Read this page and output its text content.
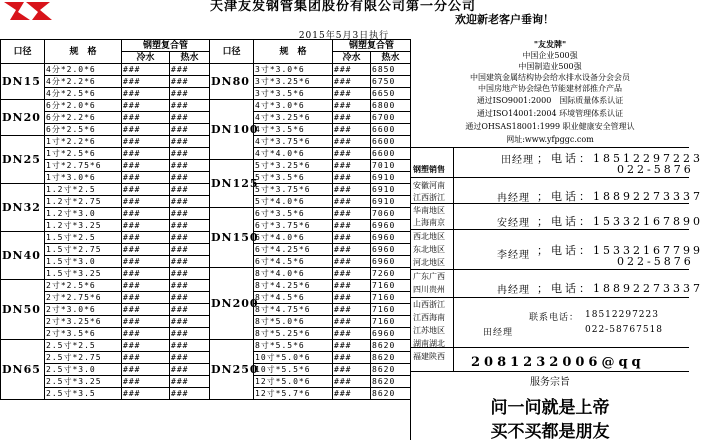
天津友发钢管集团股份有限公司第一分公司
欢迎新老客户垂询！
2015年5月3日执行
口径	规　格	钢塑复合管		口径	规　格	钢塑复合管		
		冷水	热水			冷水	热水	
DN15	4分*2.0*6	###	###	DN80	3寸*3.0*6	###	6850	
	4分*2.2*6	###	###		3寸*3.25*6	###	6750	
	4分*2.5*6	###	###		3寸*3.5*6	###	6650	
DN20	6分*2.0*6	###	###	DN100	4寸*3.0*6	###	6800	
	6分*2.2*6	###	###		4寸*3.25*6	###	6700	
	6分*2.5*6	###	###		4寸*3.5*6	###	6600	
DN25	1寸*2.2*6	###	###		4寸*3.75*6	###	6600	
	1寸*2.5*6	###	###		4寸*4.0*6	###	6600	
	1寸*2.75*6	###	###	DN125	5寸*3.25*6	###	7010	
	1寸*3.0*6	###	###		5寸*3.5*6	###	6910	
DN32	1.2寸*2.5	###	###		5寸*3.75*6	###	6910	
	1.2寸*2.75	###	###		5寸*4.0*6	###	6910	
	1.2寸*3.0	###	###	DN150	6寸*3.5*6	###	7060	
	1.2寸*3.25	###	###		6寸*3.75*6	###	6960	
DN40	1.5寸*2.5	###	###		6寸*4.0*6	###	6960	
	1.5寸*2.75	###	###		6寸*4.25*6	###	6960	
	1.5寸*3.0	###	###		6寸*4.5*6	###	6960	
	1.5寸*3.25	###	###	DN200	8寸*4.0*6	###	7260	
DN50	2寸*2.5*6	###	###		8寸*4.25*6	###	7160	
	2寸*2.75*6	###	###		8寸*4.5*6	###	7160	
	2寸*3.0*6	###	###		8寸*4.75*6	###	7160	
	2寸*3.25*6	###	###		8寸*5.0*6	###	7160	
	2寸*3.5*6	###	###		8寸*5.25*6	###	6960	
DN65	2.5寸*2.5	###	###	DN250	8寸*5.5*6	###	8620	
	2.5寸*2.75	###	###		10寸*5.0*6	###	8620	
	2.5寸*3.0	###	###		10寸*5.5*6	###	8620	
	2.5寸*3.25	###	###		12寸*5.0*6	###	8620	
	2.5寸*3.5	###	###		12寸*5.7*6	###	8620	
"友发牌"
中国企业500强
中国制造业500强
中国建筑金属结构协会给水排水设备分会会员
中国房地产协会绿色节能建材部推介产品
通过ISO9001:2000　国际质量体系认证
通过ISO14001:2004 环境管理体系认证
通过OHSAS18001:1999 职业健康安全管理认
网址:www.yfpggc.com
钢塑销售
田经理 ；电话：18512297223
022-5876
安徽河南
江西浙江	冉经理 ；电话：18892273337
华南地区
上海南京	安经理 ；电话：15332167890
西北地区
东北地区
河北地区
李经理 ；电话：15332167799
022-5876
广东广西
四川贵州	冉经理 ；电话：18892273337
山西浙江
江西海南
江苏地区
湖南湖北
福建陕西
联系电话： 18512297223
田经理	022-58767518
2081232006@qq
服务宗旨
问一问就是上帝
买不买都是朋友
